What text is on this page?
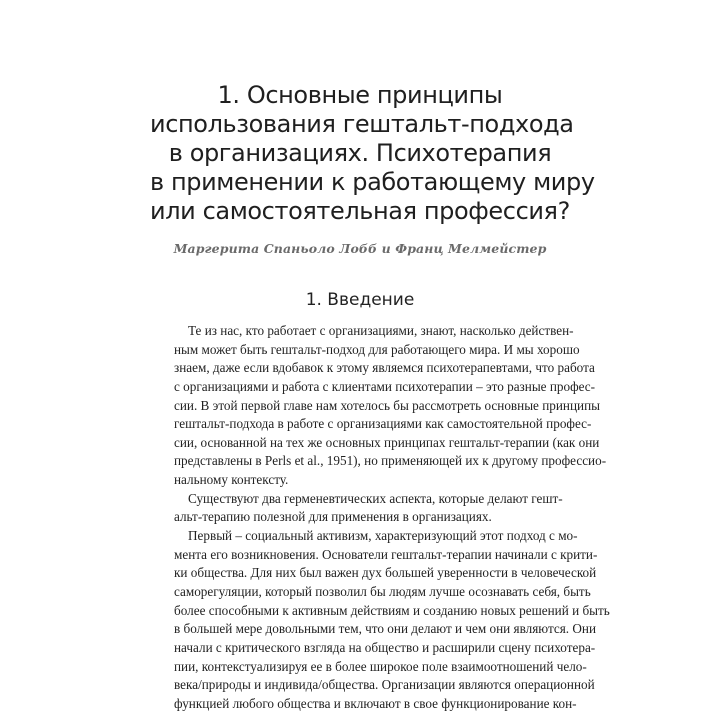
1. Основные принципы
использования гештальт-подхода
в организациях. Психотерапия
в применении к работающему миру
или самостоятельная профессия?
Маргерита Спаньоло Лобб и Франц Мелмейстер
1. Введение
Те из нас, кто работает с организациями, знают, насколько действен-
ным может быть гештальт-подход для работающего мира. И мы хорошо
знаем, даже если вдобавок к этому являемся психотерапевтами, что работа
с организациями и работа с клиентами психотерапии – это разные профес-
сии. В этой первой главе нам хотелось бы рассмотреть основные принципы
гештальт-подхода в работе с организациями как самостоятельной профес-
сии, основанной на тех же основных принципах гештальт-терапии (как они
представлены в Perls et al., 1951), но применяющей их к другому профессио-
нальному контексту.
Существуют два герменевтических аспекта, которые делают гешт-
альт-терапию полезной для применения в организациях.
Первый – социальный активизм, характеризующий этот подход с мо-
мента его возникновения. Основатели гештальт-терапии начинали с крити-
ки общества. Для них был важен дух большей уверенности в человеческой
саморегуляции, который позволил бы людям лучше осознавать себя, быть
более способными к активным действиям и созданию новых решений и быть
в большей мере довольными тем, что они делают и чем они являются. Они
начали с критического взгляда на общество и расширили сцену психотера-
пии, контекстуализируя ее в более широкое поле взаимоотношений чело-
века/природы и индивида/общества. Организации являются операционной
функцией любого общества и включают в свое функционирование кон-
